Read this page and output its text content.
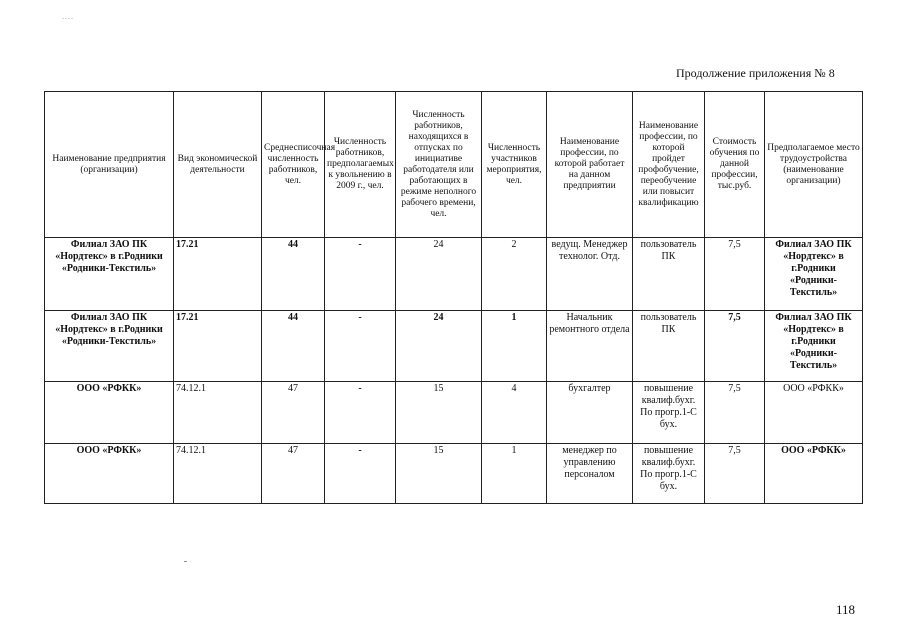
....
Продолжение приложения № 8
Наименование предприятия (организации)	Вид экономической деятельности	Среднесписочная численность работников, чел.	Численность работников, предполагаемых к увольнению в 2009 г., чел.	Численность работников, находящихся в отпусках по инициативе работодателя или работающих в режиме неполного рабочего времени, чел.	Численность участников мероприятия, чел.	Наименование профессии, по которой работает на данном предприятии	Наименование профессии, по которой пройдет профобучение, переобучение или повысит квалификацию	Стоимость обучения по данной профессии, тыс.руб.	Предполагаемое место трудоустройства (наименование организации)
Филиал ЗАО ПК «Нордтекс» в г.Родники «Родники-Текстиль»	17.21	44	-	24	2	ведущ. Менеджер технолог. Отд.	пользователь ПК	7,5	Филиал ЗАО ПК «Нордтекс» в г.Родники «Родники-Текстиль»
Филиал ЗАО ПК «Нордтекс» в г.Родники «Родники-Текстиль»	17.21	44	-	24	1	Начальник ремонтного отдела	пользователь ПК	7,5	Филиал ЗАО ПК «Нордтекс» в г.Родники «Родники-Текстиль»
ООО «РФКК»	74.12.1	47	-	15	4	бухгалтер	повышение квалиф.бухг. По прогр.1-С бух.	7,5	ООО «РФКК»
ООО «РФКК»	74.12.1	47	-	15	1	менеджер по управлению персоналом	повышение квалиф.бухг. По прогр.1-С бух.	7,5	ООО «РФКК»
118
